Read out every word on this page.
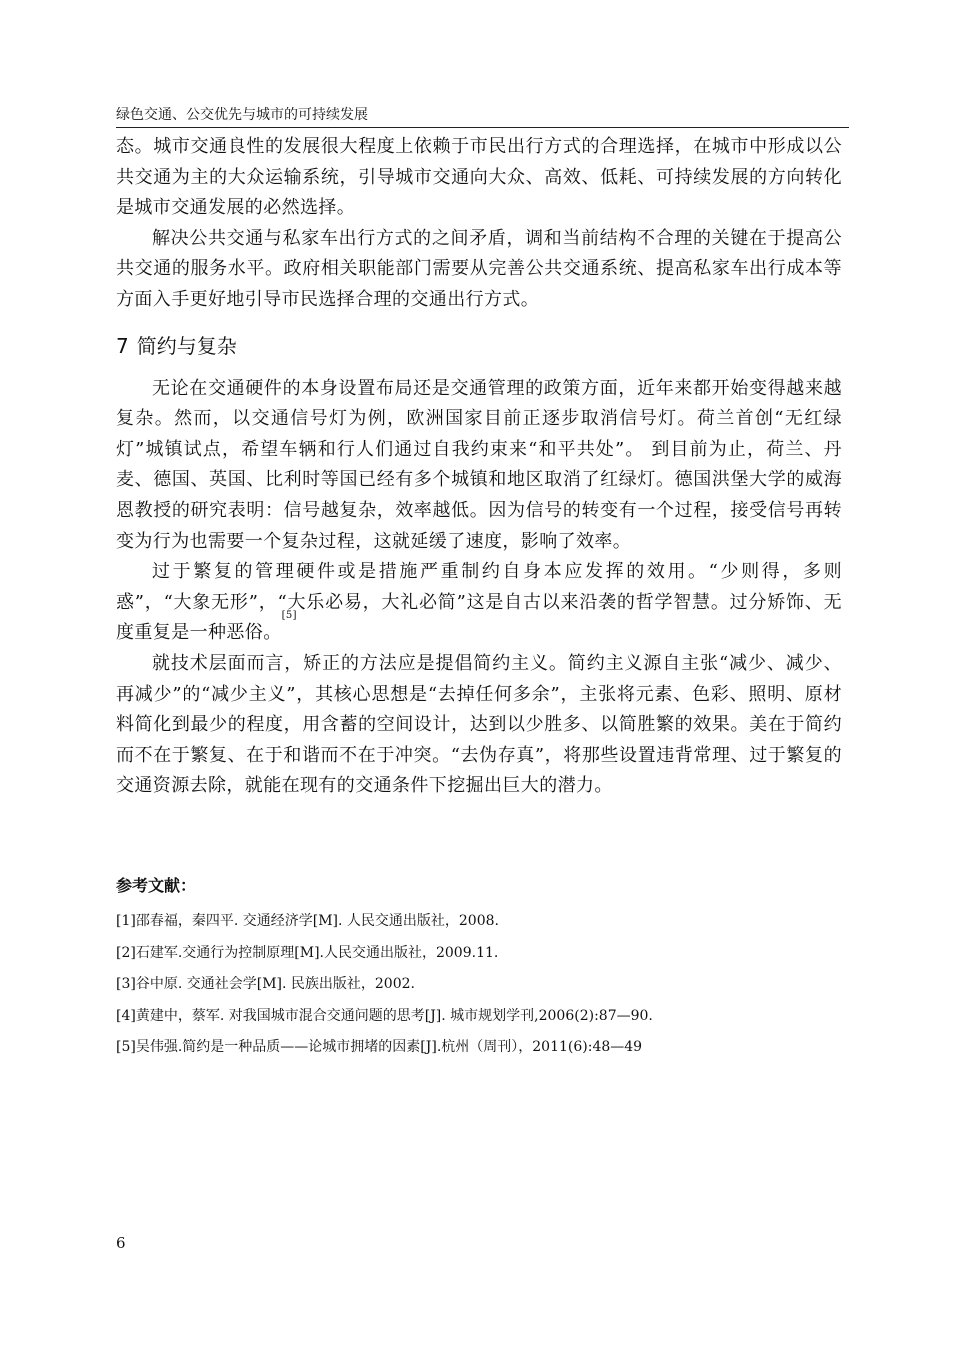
绿色交通、公交优先与城市的可持续发展

态。城市交通良性的发展很大程度上依赖于市民出行方式的合理选择，在城市中形成以公共交通为主的大众运输系统，引导城市交通向大众、高效、低耗、可持续发展的方向转化是城市交通发展的必然选择。

解决公共交通与私家车出行方式的之间矛盾，调和当前结构不合理的关键在于提高公共交通的服务水平。政府相关职能部门需要从完善公共交通系统、提高私家车出行成本等方面入手更好地引导市民选择合理的交通出行方式。

7 简约与复杂

无论在交通硬件的本身设置布局还是交通管理的政策方面，近年来都开始变得越来越复杂。然而，以交通信号灯为例，欧洲国家目前正逐步取消信号灯。荷兰首创“无红绿灯”城镇试点，希望车辆和行人们通过自我约束来“和平共处”。 到目前为止，荷兰、丹麦、德国、英国、比利时等国已经有多个城镇和地区取消了红绿灯。德国洪堡大学的威海恩教授的研究表明：信号越复杂，效率越低。因为信号的转变有一个过程，接受信号再转变为行为也需要一个复杂过程，这就延缓了速度，影响了效率。

过于繁复的管理硬件或是措施严重制约自身本应发挥的效用。“少则得，多则惑”，“大象无形”，“大乐必易，大礼必简”这是自古以来沿袭的哲学智慧。过分矫饰、无度重复是一种恶俗。[5]

就技术层面而言，矫正的方法应是提倡简约主义。简约主义源自主张“减少、减少、再减少”的“减少主义”，其核心思想是“去掉任何多余”，主张将元素、色彩、照明、原材料简化到最少的程度，用含蓄的空间设计，达到以少胜多、以简胜繁的效果。美在于简约而不在于繁复、在于和谐而不在于冲突。“去伪存真”，将那些设置违背常理、过于繁复的交通资源去除，就能在现有的交通条件下挖掘出巨大的潜力。

参考文献：

[1]邵春福，秦四平. 交通经济学[M]. 人民交通出版社，2008.

[2]石建军.交通行为控制原理[M].人民交通出版社，2009.11.

[3]谷中原. 交通社会学[M]. 民族出版社，2002.

[4]黄建中，蔡军. 对我国城市混合交通问题的思考[J]. 城市规划学刊,2006(2):87—90.

[5]吴伟强.简约是一种品质——论城市拥堵的因素[J].杭州（周刊），2011(6):48—49

6
